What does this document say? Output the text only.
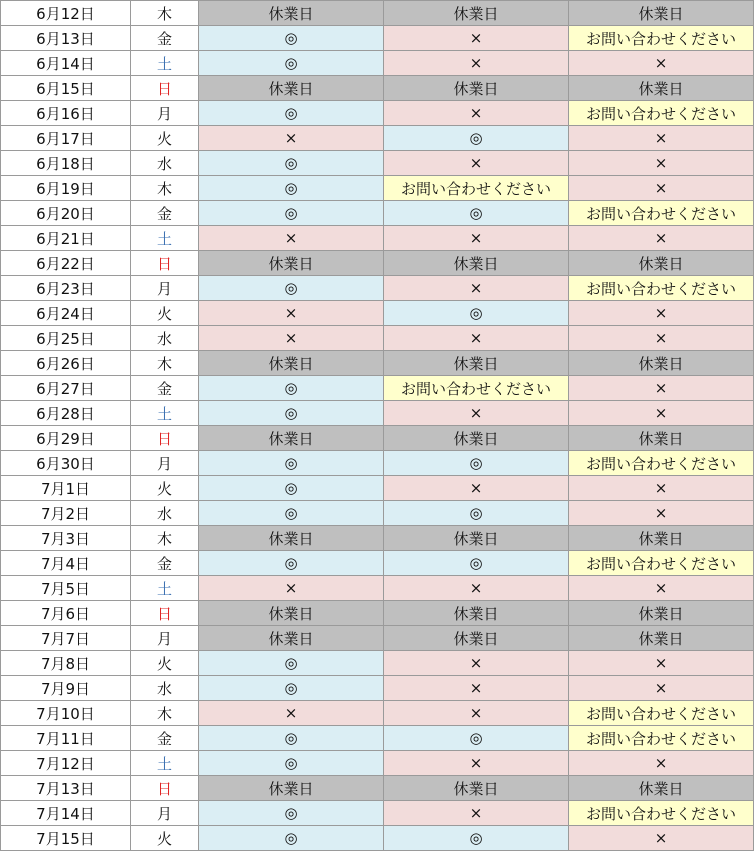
6月12日	木	休業日	休業日	休業日
6月13日	金	◎	×	お問い合わせください
6月14日	土	◎	×	×
6月15日	日	休業日	休業日	休業日
6月16日	月	◎	×	お問い合わせください
6月17日	火	×	◎	×
6月18日	水	◎	×	×
6月19日	木	◎	お問い合わせください	×
6月20日	金	◎	◎	お問い合わせください
6月21日	土	×	×	×
6月22日	日	休業日	休業日	休業日
6月23日	月	◎	×	お問い合わせください
6月24日	火	×	◎	×
6月25日	水	×	×	×
6月26日	木	休業日	休業日	休業日
6月27日	金	◎	お問い合わせください	×
6月28日	土	◎	×	×
6月29日	日	休業日	休業日	休業日
6月30日	月	◎	◎	お問い合わせください
7月1日	火	◎	×	×
7月2日	水	◎	◎	×
7月3日	木	休業日	休業日	休業日
7月4日	金	◎	◎	お問い合わせください
7月5日	土	×	×	×
7月6日	日	休業日	休業日	休業日
7月7日	月	休業日	休業日	休業日
7月8日	火	◎	×	×
7月9日	水	◎	×	×
7月10日	木	×	×	お問い合わせください
7月11日	金	◎	◎	お問い合わせください
7月12日	土	◎	×	×
7月13日	日	休業日	休業日	休業日
7月14日	月	◎	×	お問い合わせください
7月15日	火	◎	◎	×
